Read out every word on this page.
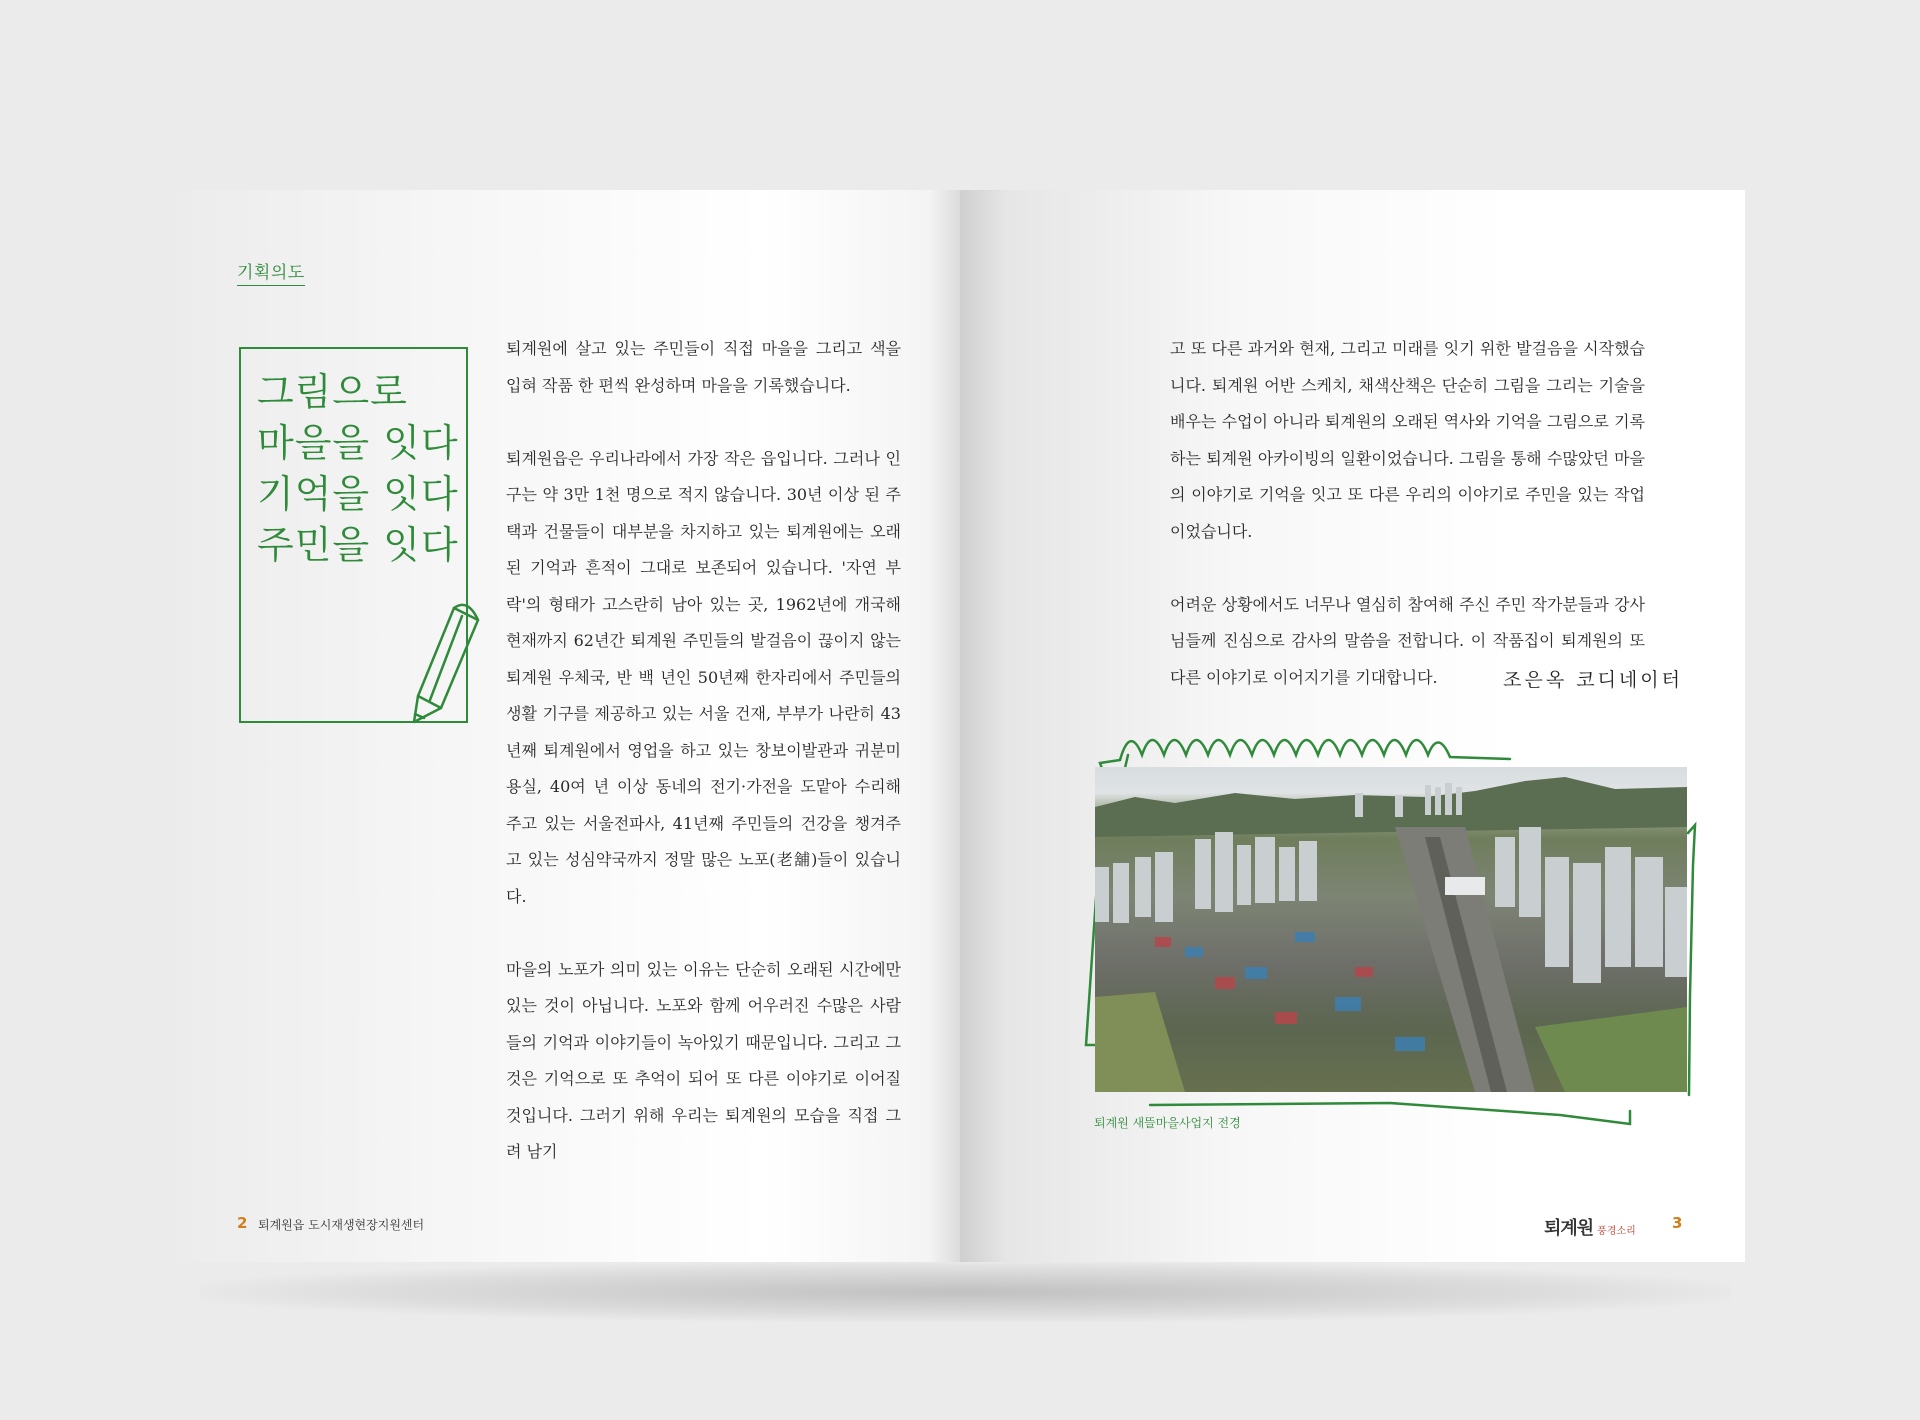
기획의도
그림으로
마을을 잇다
기억을 잇다
주민을 잇다

퇴계원에 살고 있는 주민들이 직접 마을을 그리고 색을 입혀 작품 한 편씩 완성하며 마을을 기록했습니다.

퇴계원읍은 우리나라에서 가장 작은 읍입니다. 그러나 인구는 약 3만 1천 명으로 적지 않습니다. 30년 이상 된 주택과 건물들이 대부분을 차지하고 있는 퇴계원에는 오래된 기억과 흔적이 그대로 보존되어 있습니다. '자연 부락'의 형태가 고스란히 남아 있는 곳, 1962년에 개국해 현재까지 62년간 퇴계원 주민들의 발걸음이 끊이지 않는 퇴계원 우체국, 반 백 년인 50년째 한자리에서 주민들의 생활 기구를 제공하고 있는 서울 건재, 부부가 나란히 43년째 퇴계원에서 영업을 하고 있는 창보이발관과 귀분미용실, 40여 년 이상 동네의 전기·가전을 도맡아 수리해 주고 있는 서울전파사, 41년째 주민들의 건강을 챙겨주고 있는 성심약국까지 정말 많은 노포(老舖)들이 있습니다.

마을의 노포가 의미 있는 이유는 단순히 오래된 시간에만 있는 것이 아닙니다. 노포와 함께 어우러진 수많은 사람들의 기억과 이야기들이 녹아있기 때문입니다. 그리고 그것은 기억으로 또 추억이 되어 또 다른 이야기로 이어질 것입니다. 그러기 위해 우리는 퇴계원의 모습을 직접 그려 남기

2 퇴계원읍 도시재생현장지원센터

고 또 다른 과거와 현재, 그리고 미래를 잇기 위한 발걸음을 시작했습니다. 퇴계원 어반 스케치, 채색산책은 단순히 그림을 그리는 기술을 배우는 수업이 아니라 퇴계원의 오래된 역사와 기억을 그림으로 기록하는 퇴계원 아카이빙의 일환이었습니다. 그림을 통해 수많았던 마을의 이야기로 기억을 잇고 또 다른 우리의 이야기로 주민을 있는 작업이었습니다.

어려운 상황에서도 너무나 열심히 참여해 주신 주민 작가분들과 강사님들께 진심으로 감사의 말씀을 전합니다. 이 작품집이 퇴계원의 또 다른 이야기로 이어지기를 기대합니다.	조은옥 코디네이터
퇴계원 새뜰마을사업지 전경
퇴계원 풍경소리 3
